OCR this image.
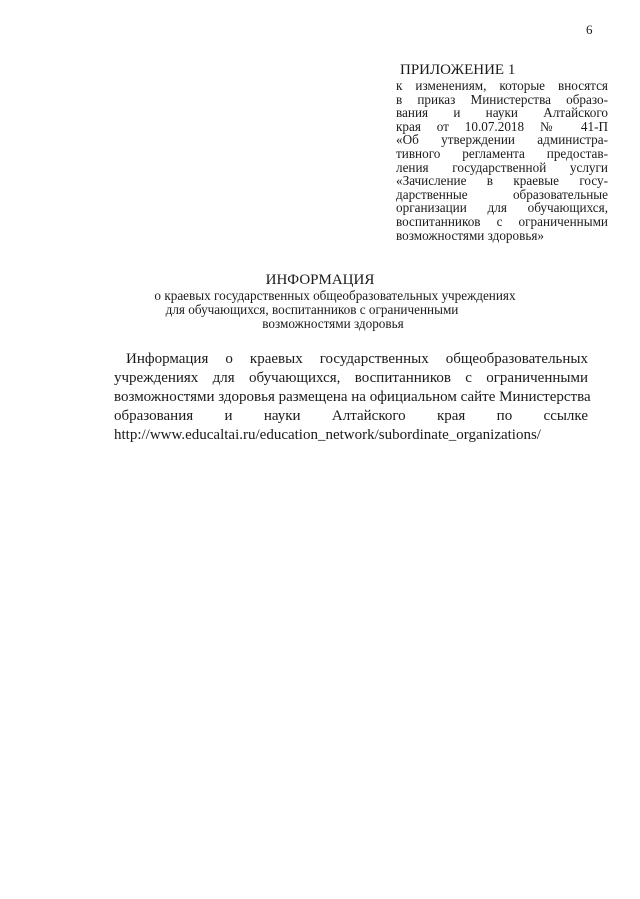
6
ПРИЛОЖЕНИЕ 1
к изменениям, которые вносятся
в приказ Министерства образо-
вания и науки Алтайского
края от 10.07.2018 № 41-П
«Об утверждении администра-
тивного регламента предостав-
ления государственной услуги
«Зачисление в краевые госу-
дарственные образовательные
организации для обучающихся,
воспитанников с ограниченными
возможностями здоровья»
ИНФОРМАЦИЯ
о краевых государственных общеобразовательных учреждениях
для обучающихся, воспитанников с ограниченными
возможностями здоровья
Информация о краевых государственных общеобразовательных
учреждениях для обучающихся, воспитанников с ограниченными
возможностями здоровья размещена на официальном сайте Министерства
образования и науки Алтайского края по ссылке
http://www.educaltai.ru/education_network/subordinate_organizations/
